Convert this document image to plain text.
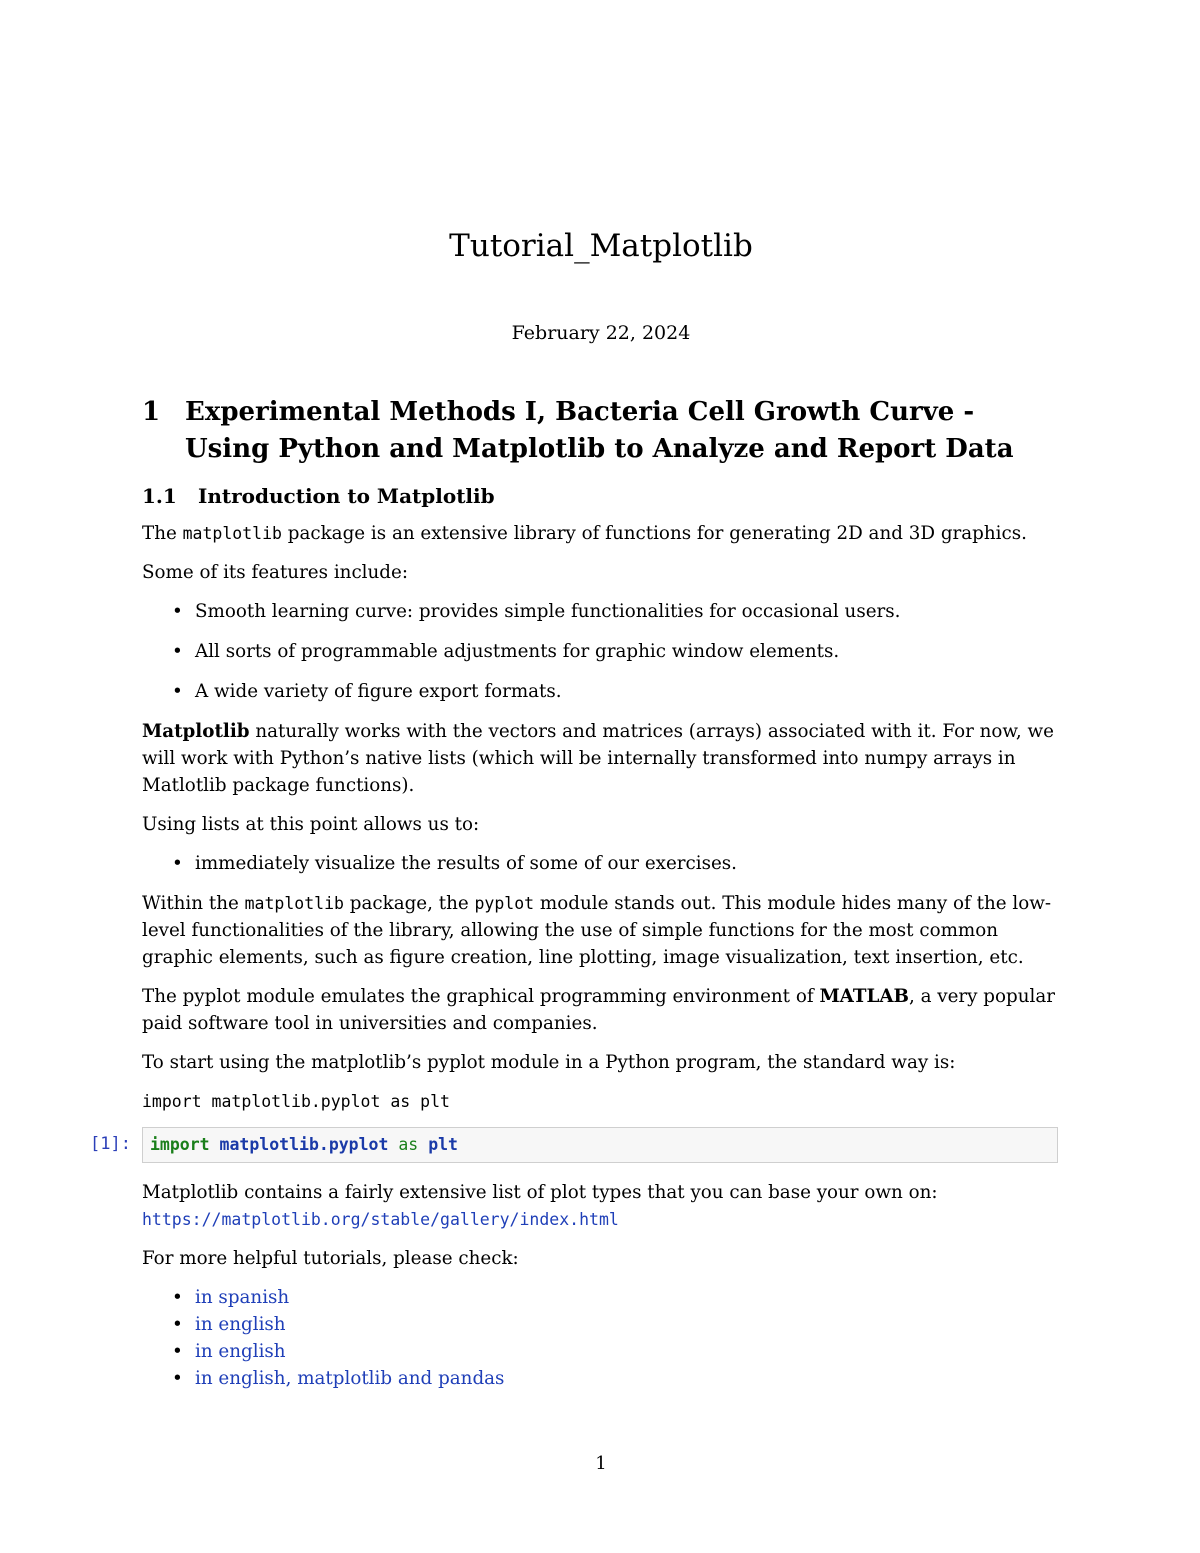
Tutorial_Matplotlib
February 22, 2024
1 Experimental Methods I, Bacteria Cell Growth Curve - Using Python and Matplotlib to Analyze and Report Data
1.1	Introduction to Matplotlib

The matplotlib package is an extensive library of functions for generating 2D and 3D graphics.

Some of its features include:

• Smooth learning curve: provides simple functionalities for occasional users.
• All sorts of programmable adjustments for graphic window elements.
• A wide variety of figure export formats.

Matplotlib naturally works with the vectors and matrices (arrays) associated with it. For now, we will work with Python’s native lists (which will be internally transformed into numpy arrays in Matlotlib package functions).

Using lists at this point allows us to:

• immediately visualize the results of some of our exercises.

Within the matplotlib package, the pyplot module stands out. This module hides many of the low-level functionalities of the library, allowing the use of simple functions for the most common graphic elements, such as figure creation, line plotting, image visualization, text insertion, etc.

The pyplot module emulates the graphical programming environment of MATLAB, a very popular paid software tool in universities and companies.

To start using the matplotlib’s pyplot module in a Python program, the standard way is:

import matplotlib.pyplot as plt

[1]:	import matplotlib.pyplot as plt

Matplotlib contains a fairly extensive list of plot types that you can base your own on: https://matplotlib.org/stable/gallery/index.html

For more helpful tutorials, please check:

• in spanish
• in english
• in english
• in english, matplotlib and pandas
1
